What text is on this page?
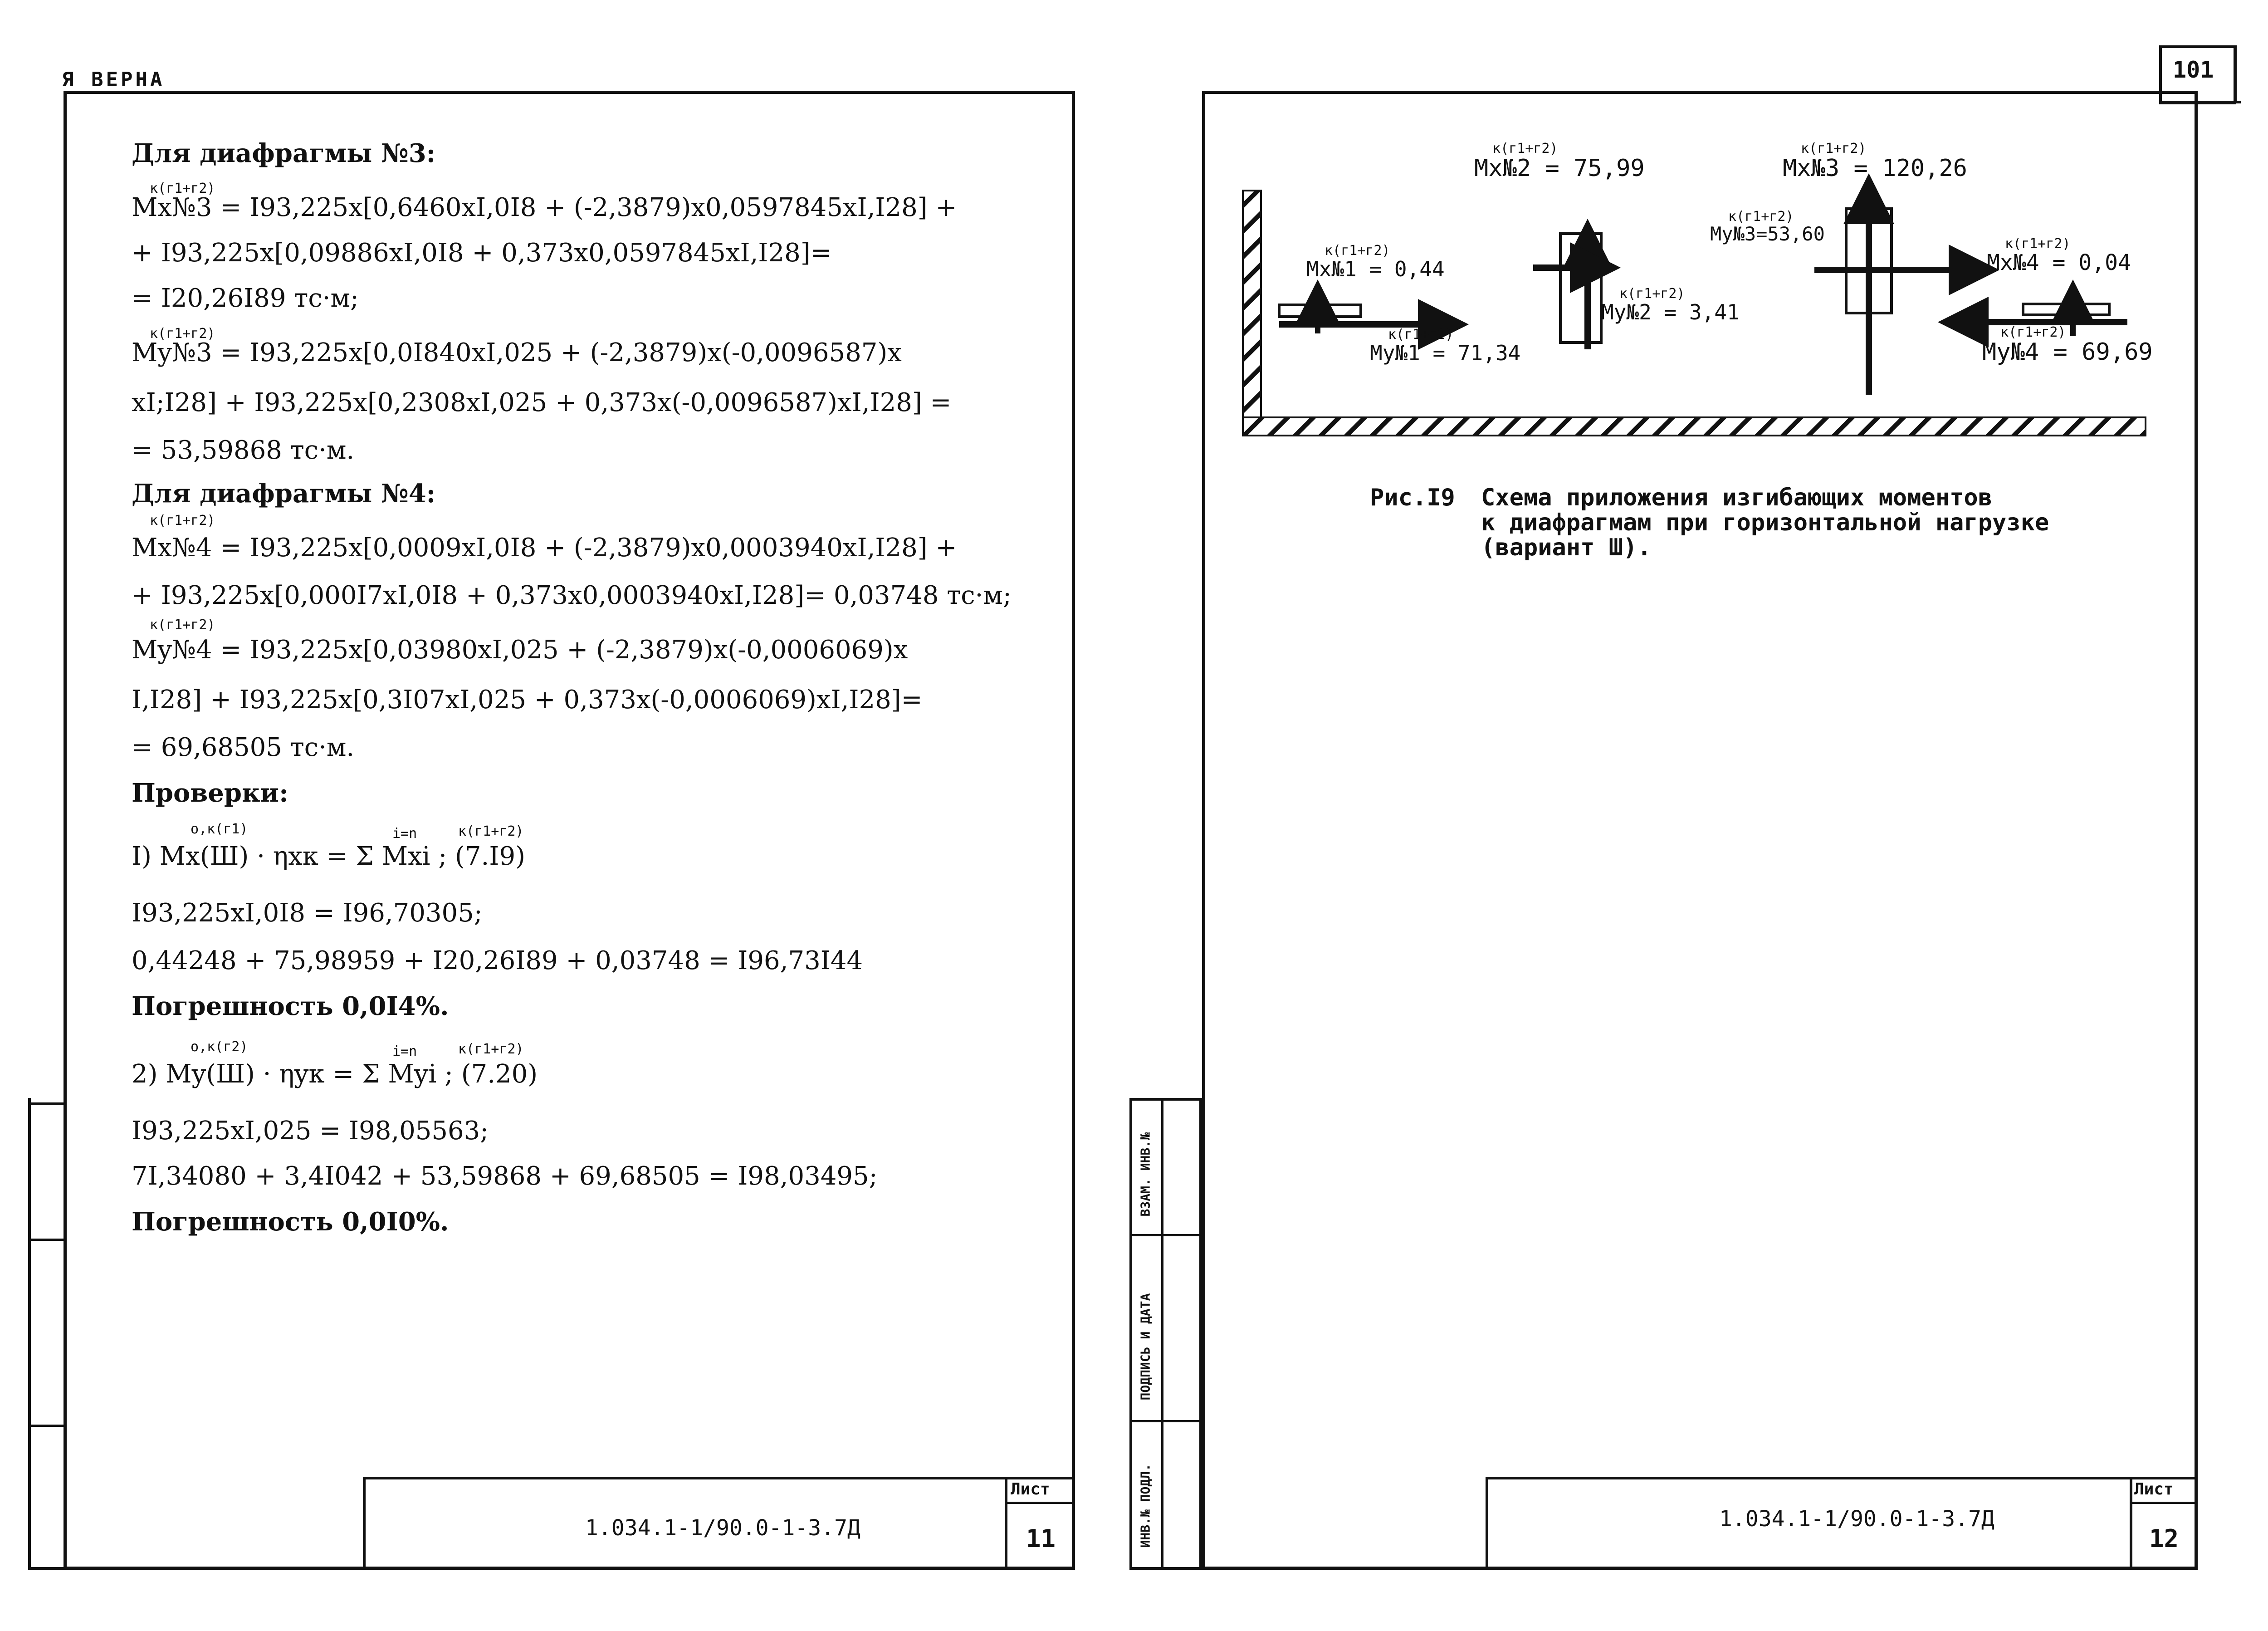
Я ВЕРНА	101
Для диафрагмы №3:
к(г1+г2)
Mx№3 = I93,225x[0,6460xI,0I8 + (-2,3879)x0,0597845xI,I28] +
+ I93,225x[0,09886xI,0I8 + 0,373x0,0597845xI,I28]=
= I20,26I89 тс·м;
к(г1+г2)
My№3 = I93,225x[0,0I840xI,025 + (-2,3879)x(-0,0096587)x
xI;I28] + I93,225x[0,2308xI,025 + 0,373x(-0,0096587)xI,I28] =
= 53,59868 тс·м.
Для диафрагмы №4:
к(г1+г2)
Mx№4 = I93,225x[0,0009xI,0I8 + (-2,3879)x0,0003940xI,I28] +
+ I93,225x[0,000I7xI,0I8 + 0,373x0,0003940xI,I28]= 0,03748 тс·м;
к(г1+г2)
My№4 = I93,225x[0,03980xI,025 + (-2,3879)x(-0,0006069)x
I,I28] + I93,225x[0,3I07xI,025 + 0,373x(-0,0006069)xI,I28]=
= 69,68505 тс·м.
Проверки:
о,к(г1)	i=n	к(г1+г2)
I) Mx(Ш) · ηxк = Σ Mxi ; (7.I9)
I93,225xI,0I8 = I96,70305;
0,44248 + 75,98959 + I20,26I89 + 0,03748 = I96,73I44
Погрешность 0,0I4%.
о,к(г2)	i=n	к(г1+г2)
2) My(Ш) · ηyк = Σ Myi ; (7.20)
I93,225xI,025 = I98,05563;
7I,34080 + 3,4I042 + 53,59868 + 69,68505 = I98,03495;
Погрешность 0,0I0%.
1.034.1-1/90.0-1-3.7Д
Лист
11
ВЗАМ. ИНВ.№
ПОДПИСЬ И ДАТА
ИНВ.№ ПОДЛ.
к(г1+г2)
Mx№1 = 0,44
к(г1+г2)
My№1 = 71,34
к(г1+г2)
Mx№2 = 75,99
к(г1+г2)
My№2 = 3,41
к(г1+г2)
Mx№3 = 120,26
к(г1+г2)
My№3=53,60	к(г1+г2)
Mx№4 = 0,04
к(г1+г2)
My№4 = 69,69
Рис.I9 Схема приложения изгибающих моментов
к диафрагмам при горизонтальной нагрузке
(вариант Ш).
1.034.1-1/90.0-1-3.7Д
Лист
12
